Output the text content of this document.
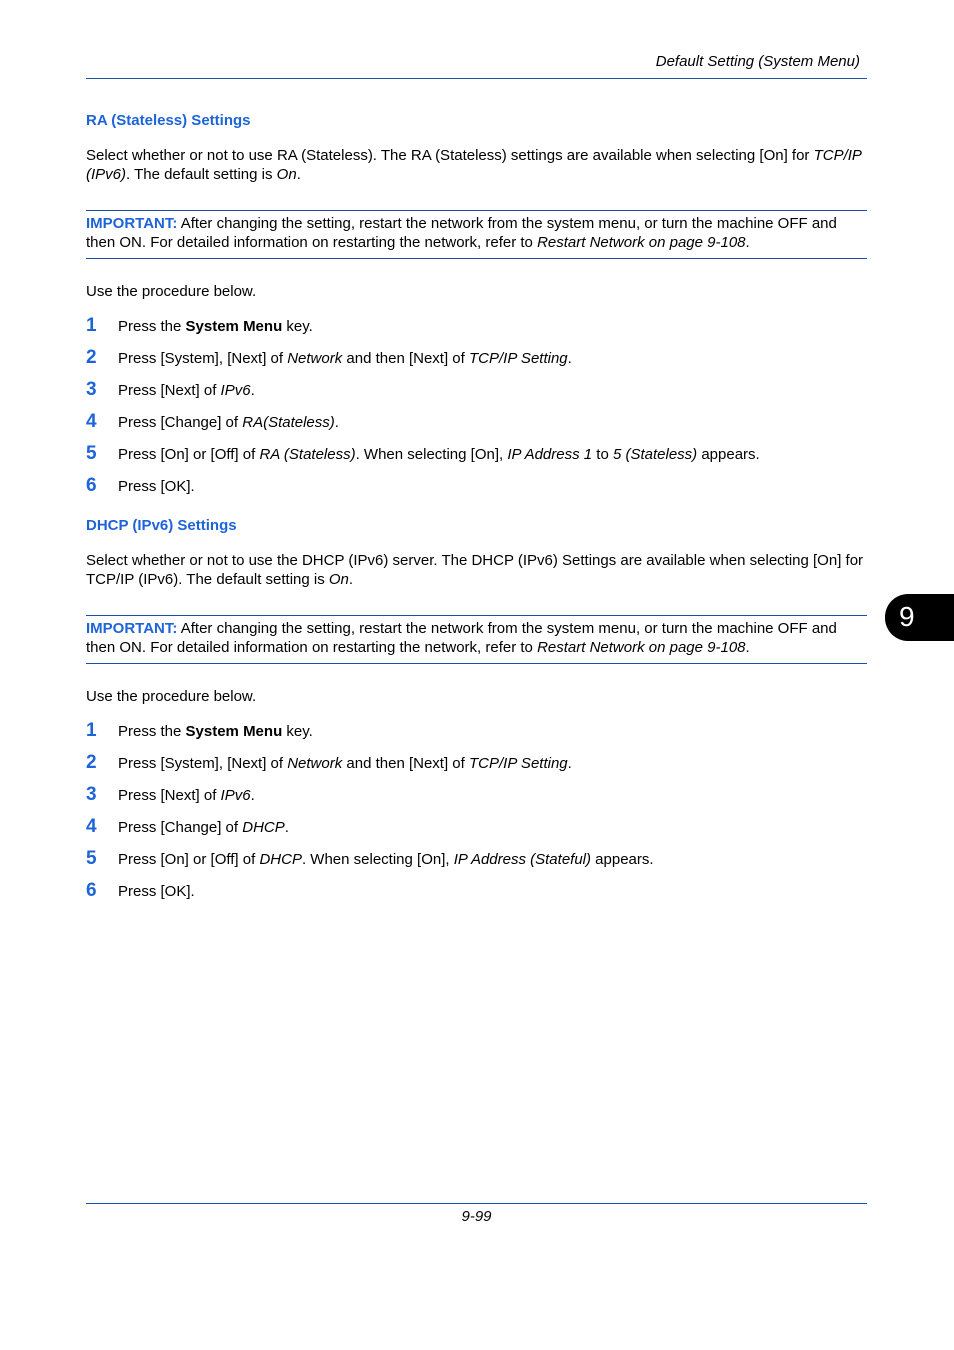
Default Setting (System Menu)
RA (Stateless) Settings

Select whether or not to use RA (Stateless). The RA (Stateless) settings are available when selecting [On] for TCP/IP (IPv6). The default setting is On.

IMPORTANT: After changing the setting, restart the network from the system menu, or turn the machine OFF and then ON. For detailed information on restarting the network, refer to Restart Network on page 9-108.

Use the procedure below.

1 Press the System Menu key.
2 Press [System], [Next] of Network and then [Next] of TCP/IP Setting.
3 Press [Next] of IPv6.
4 Press [Change] of RA(Stateless).
5 Press [On] or [Off] of RA (Stateless). When selecting [On], IP Address 1 to 5 (Stateless) appears.
6 Press [OK].
DHCP (IPv6) Settings

Select whether or not to use the DHCP (IPv6) server. The DHCP (IPv6) Settings are available when selecting [On] for TCP/IP (IPv6). The default setting is On.

IMPORTANT: After changing the setting, restart the network from the system menu, or turn the machine OFF and then ON. For detailed information on restarting the network, refer to Restart Network on page 9-108.

Use the procedure below.

1 Press the System Menu key.
2 Press [System], [Next] of Network and then [Next] of TCP/IP Setting.
3 Press [Next] of IPv6.
4 Press [Change] of DHCP.
5 Press [On] or [Off] of DHCP. When selecting [On], IP Address (Stateful) appears.
6 Press [OK].
9
9-99
